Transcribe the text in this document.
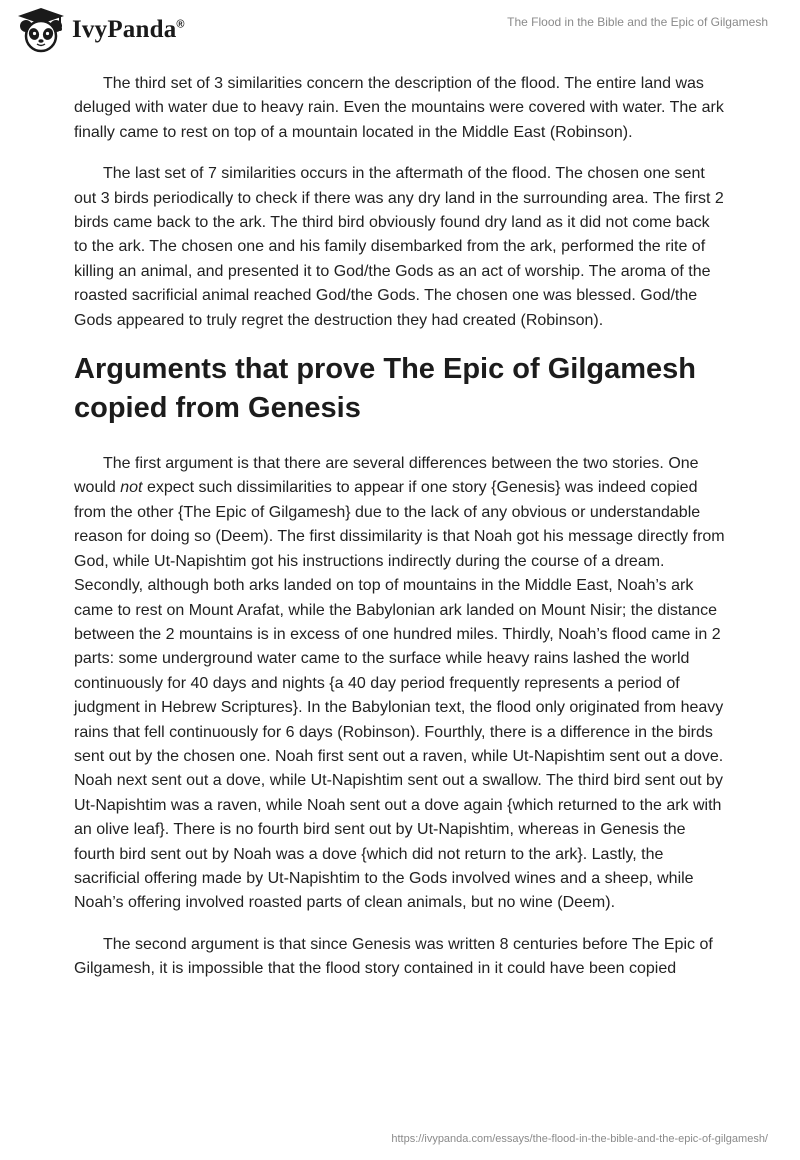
IvyPanda®	The Flood in the Bible and the Epic of Gilgamesh

The third set of 3 similarities concern the description of the flood. The entire land was deluged with water due to heavy rain. Even the mountains were covered with water. The ark finally came to rest on top of a mountain located in the Middle East (Robinson).

The last set of 7 similarities occurs in the aftermath of the flood. The chosen one sent out 3 birds periodically to check if there was any dry land in the surrounding area. The first 2 birds came back to the ark. The third bird obviously found dry land as it did not come back to the ark. The chosen one and his family disembarked from the ark, performed the rite of killing an animal, and presented it to God/the Gods as an act of worship. The aroma of the roasted sacrificial animal reached God/the Gods. The chosen one was blessed. God/the Gods appeared to truly regret the destruction they had created (Robinson).

Arguments that prove The Epic of Gilgamesh copied from Genesis

The first argument is that there are several differences between the two stories. One would not expect such dissimilarities to appear if one story {Genesis} was indeed copied from the other {The Epic of Gilgamesh} due to the lack of any obvious or understandable reason for doing so (Deem). The first dissimilarity is that Noah got his message directly from God, while Ut-Napishtim got his instructions indirectly during the course of a dream. Secondly, although both arks landed on top of mountains in the Middle East, Noah’s ark came to rest on Mount Arafat, while the Babylonian ark landed on Mount Nisir; the distance between the 2 mountains is in excess of one hundred miles. Thirdly, Noah’s flood came in 2 parts: some underground water came to the surface while heavy rains lashed the world continuously for 40 days and nights {a 40 day period frequently represents a period of judgment in Hebrew Scriptures}. In the Babylonian text, the flood only originated from heavy rains that fell continuously for 6 days (Robinson). Fourthly, there is a difference in the birds sent out by the chosen one. Noah first sent out a raven, while Ut-Napishtim sent out a dove. Noah next sent out a dove, while Ut-Napishtim sent out a swallow. The third bird sent out by Ut-Napishtim was a raven, while Noah sent out a dove again {which returned to the ark with an olive leaf}. There is no fourth bird sent out by Ut-Napishtim, whereas in Genesis the fourth bird sent out by Noah was a dove {which did not return to the ark}. Lastly, the sacrificial offering made by Ut-Napishtim to the Gods involved wines and a sheep, while Noah’s offering involved roasted parts of clean animals, but no wine (Deem).

The second argument is that since Genesis was written 8 centuries before The Epic of Gilgamesh, it is impossible that the flood story contained in it could have been copied

https://ivypanda.com/essays/the-flood-in-the-bible-and-the-epic-of-gilgamesh/
